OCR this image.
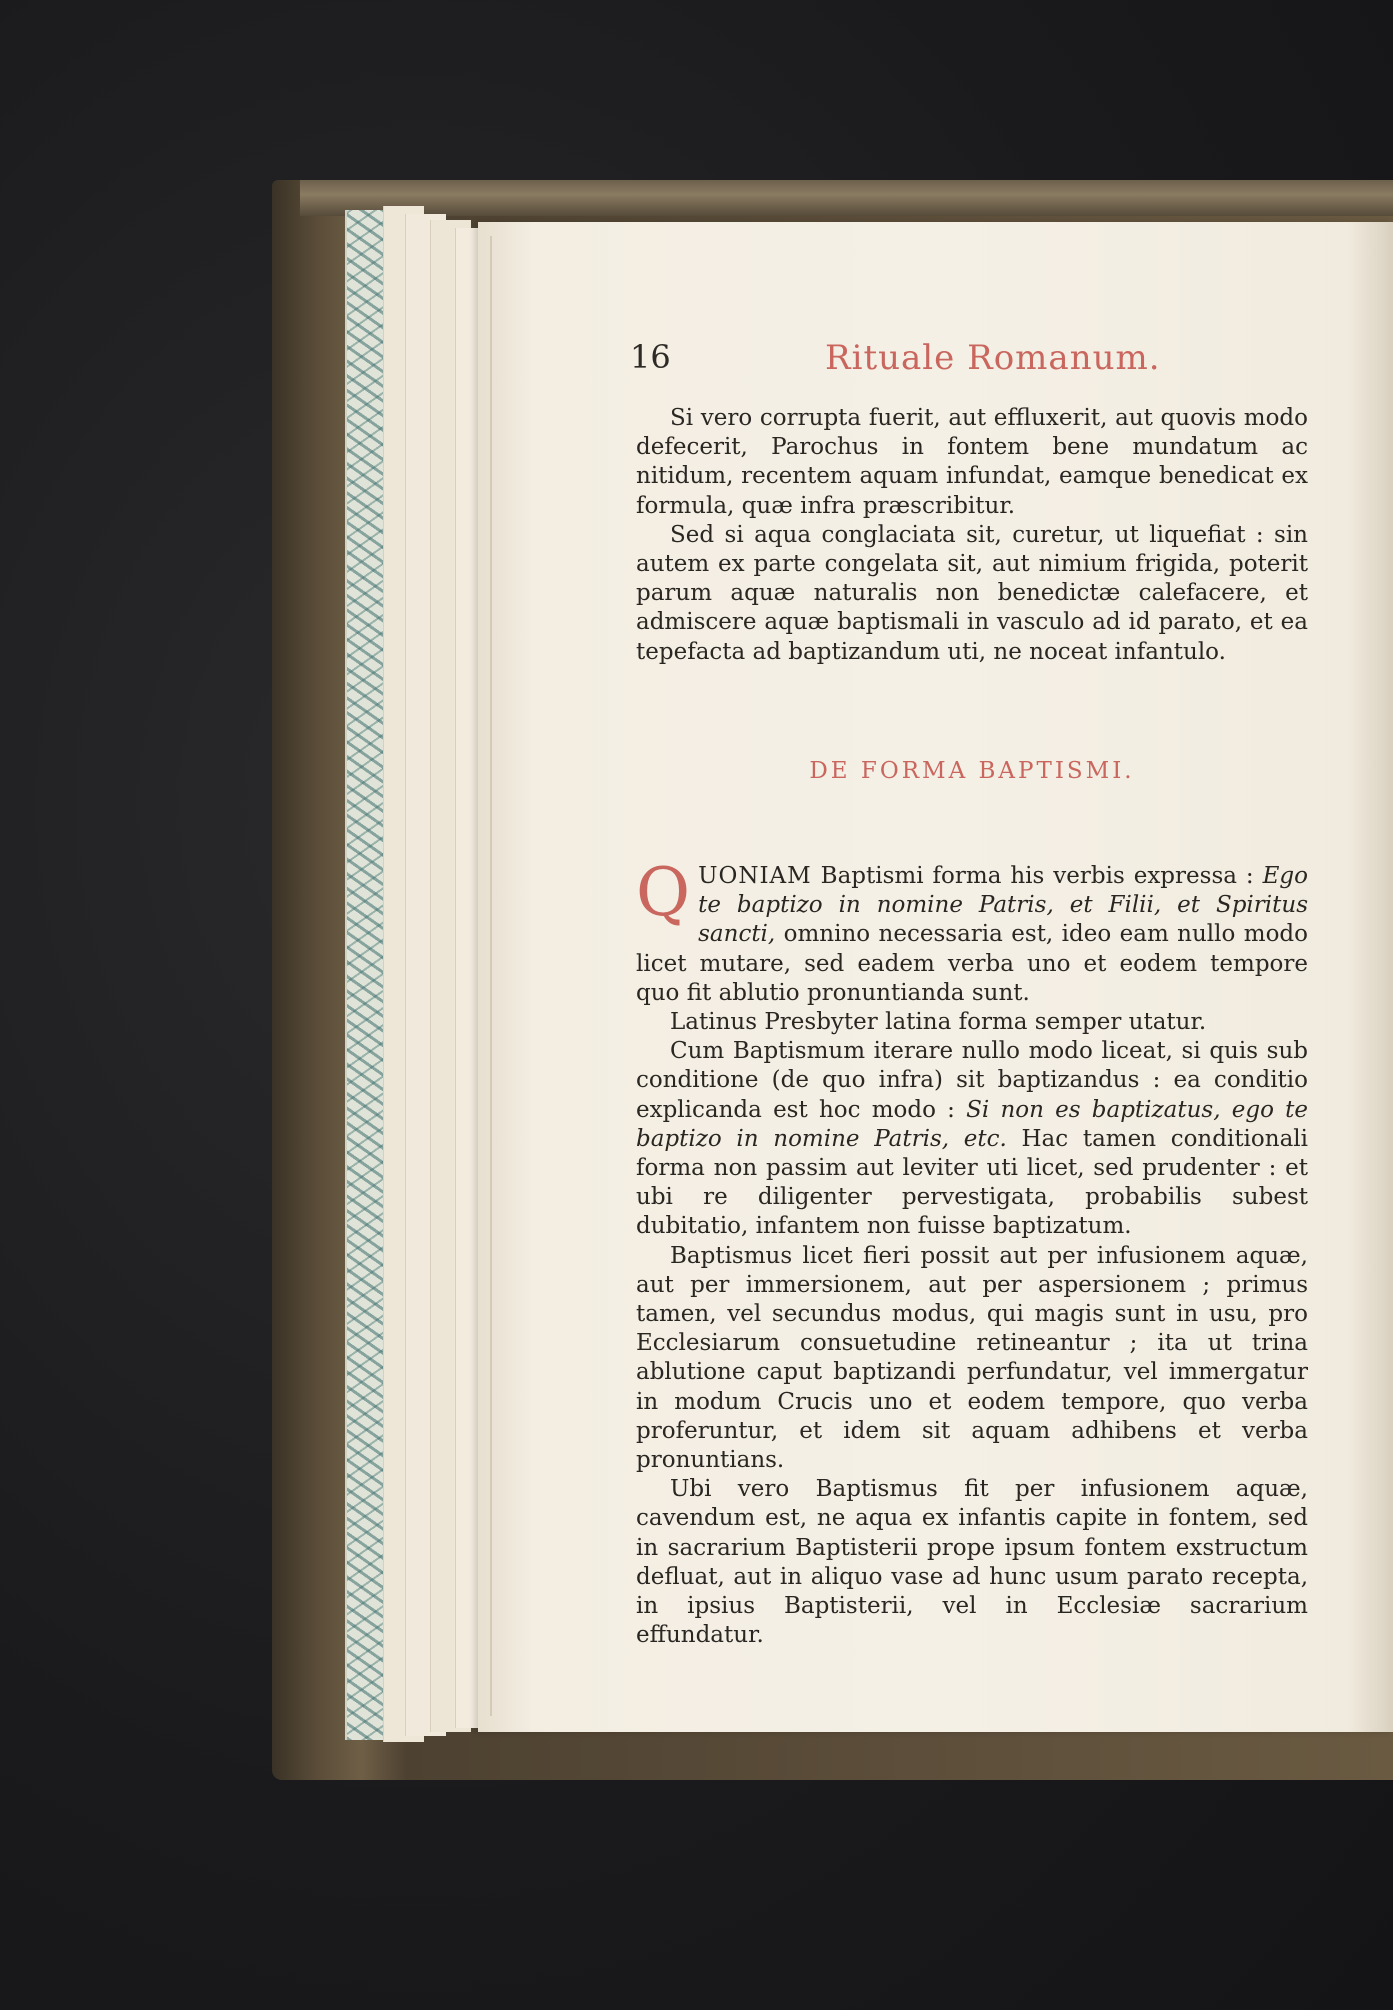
16	Rituale Romanum.

Si vero corrupta fuerit, aut effluxerit, aut quovis modo defecerit, Parochus in fontem bene mundatum ac nitidum, recentem aquam infundat, eamque benedicat ex formula, quæ infra præscribitur.

Sed si aqua conglaciata sit, curetur, ut liquefiat : sin autem ex parte congelata sit, aut nimium frigida, poterit parum aquæ naturalis non benedictæ calefacere, et admiscere aquæ baptismali in vasculo ad id parato, et ea tepefacta ad baptizandum uti, ne noceat infantulo.

DE FORMA BAPTISMI.

QUONIAM Baptismi forma his verbis expressa : Ego te baptizo in nomine Patris, et Filii, et Spiritus sancti, omnino necessaria est, ideo eam nullo modo licet mutare, sed eadem verba uno et eodem tempore quo fit ablutio pronuntianda sunt.

Latinus Presbyter latina forma semper utatur.

Cum Baptismum iterare nullo modo liceat, si quis sub conditione (de quo infra) sit baptizandus : ea conditio explicanda est hoc modo : Si non es baptizatus, ego te baptizo in nomine Patris, etc. Hac tamen conditionali forma non passim aut leviter uti licet, sed prudenter : et ubi re diligenter pervestigata, probabilis subest dubitatio, infantem non fuisse baptizatum.

Baptismus licet fieri possit aut per infusionem aquæ, aut per immersionem, aut per aspersionem ; primus tamen, vel secundus modus, qui magis sunt in usu, pro Ecclesiarum consuetudine retineantur ; ita ut trina ablutione caput baptizandi perfundatur, vel immergatur in modum Crucis uno et eodem tempore, quo verba proferuntur, et idem sit aquam adhibens et verba pronuntians.

Ubi vero Baptismus fit per infusionem aquæ, cavendum est, ne aqua ex infantis capite in fontem, sed in sacrarium Baptisterii prope ipsum fontem exstructum defluat, aut in aliquo vase ad hunc usum parato recepta, in ipsius Baptisterii, vel in Ecclesiæ sacrarium effundatur.
